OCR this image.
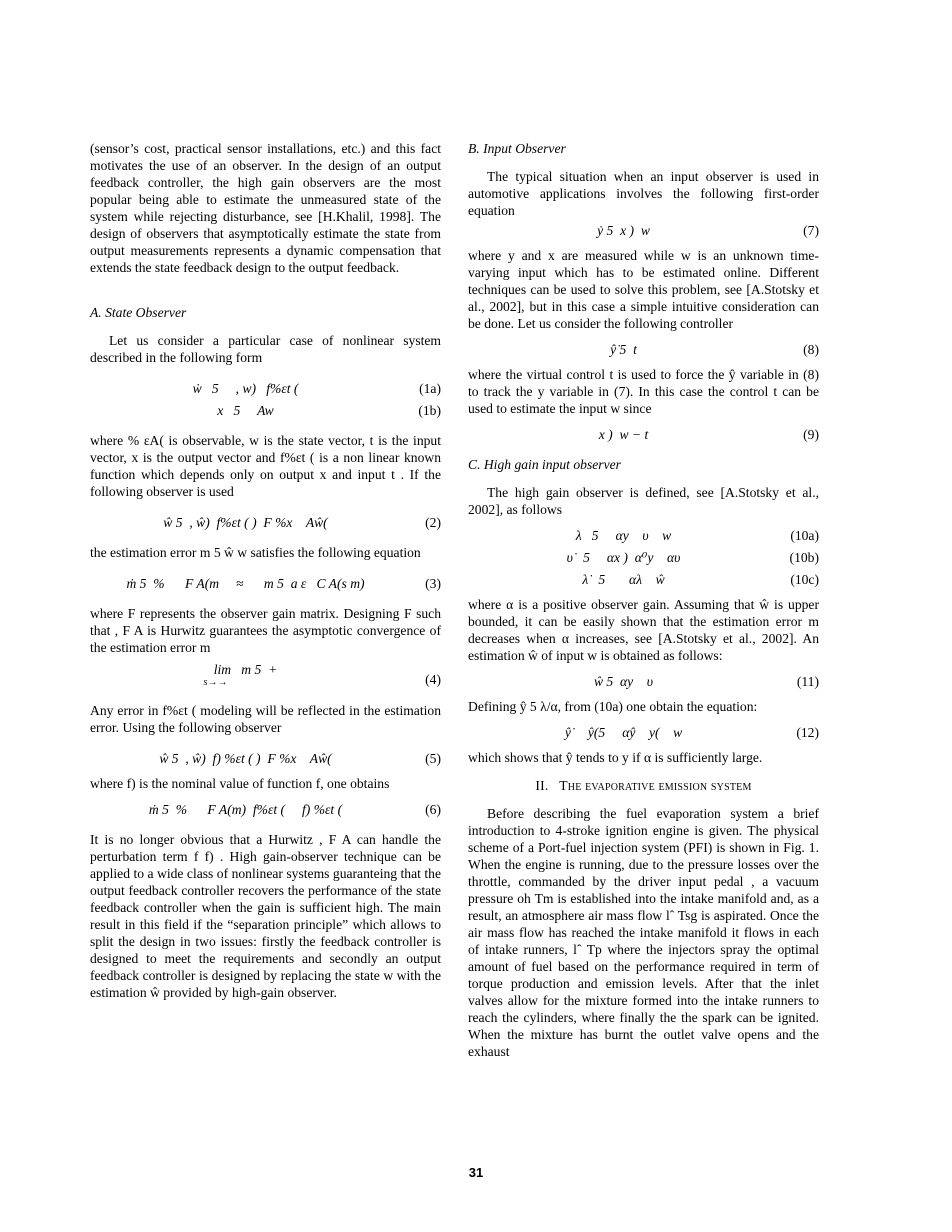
(sensor’s cost, practical sensor installations, etc.) and this fact motivates the use of an observer. In the design of an output feedback controller, the high gain observers are the most popular being able to estimate the unmeasured state of the system while rejecting disturbance, see [H.Khalil, 1998]. The design of observers that asymptotically estimate the state from output measurements represents a dynamic compensation that extends the state feedback design to the output feedback.

A. State Observer

Let us consider a particular case of nonlinear system described in the following form

ẇ   5     , w)   f%εt (	(1a)
x   5     Aw	(1b)

where % εA( is observable, w is the state vector, t is the input vector, x is the output vector and f%εt ( is a non linear known function which depends only on output x and input t . If the following observer is used

ŵ 5  , ŵ)  f%εt ( )  F %x    Aŵ(	(2)

the estimation error m 5 ŵ w satisfies the following equation

ṁ 5  %      F A(m     ≈      m 5  a ε   C A(s m)	(3)

where F represents the observer gain matrix. Designing F such that , F A is Hurwitz guarantees the asymptotic convergence of the estimation error m

lim   m 5  +
$^{s\to\to}$	(4)

Any error in f%εt ( modeling will be reflected in the estimation error. Using the following observer

ŵ 5  , ŵ)  f) %εt ( )  F %x    Aŵ(	(5)

where f) is the nominal value of function f, one obtains

ṁ 5  %      F A(m)  f%εt (     f) %εt (	(6)

It is no longer obvious that a Hurwitz , F A can handle the perturbation term f f) . High gain-observer technique can be applied to a wide class of nonlinear systems guaranteing that the output feedback controller recovers the performance of the state feedback controller when the gain is sufficient high. The main result in this field if the “separation principle” which allows to split the design in two issues: firstly the feedback controller is designed to meet the requirements and secondly an output feedback controller is designed by replacing the state w with the estimation ŵ provided by high-gain observer.

B. Input Observer

The typical situation when an input observer is used in automotive applications involves the following first-order equation

ẏ 5  x )  w	(7)

where y and x are measured while w is an unknown time-varying input which has to be estimated online. Different techniques can be used to solve this problem, see [A.Stotsky et al., 2002], but in this case a simple intuitive consideration can be done. Let us consider the following controller

ŷ̇ 5  t	(8)

where the virtual control t is used to force the ŷ variable in (8) to track the y variable in (7). In this case the control t can be used to estimate the input w since

x )  w − t	(9)

C. High gain input observer

The high gain observer is defined, see [A.Stotsky et al., 2002], as follows

λ   5     αy    υ    w	(10a)
υ̇   5     αx )  α⁰y    αυ	(10b)
λ̇   5       αλ    ŵ	(10c)

where α is a positive observer gain. Assuming that ŵ is upper bounded, it can be easily shown that the estimation error m decreases when α increases, see [A.Stotsky et al., 2002]. An estimation ŵ of input w is obtained as follows:

ŵ 5  αy    υ	(11)

Defining ŷ 5 λ/α, from (10a) one obtain the equation:

ŷ̇     ŷ(5     αŷ    y(    w	(12)

which shows that ŷ tends to y if α is sufficiently large.

II. The evaporative emission system

Before describing the fuel evaporation system a brief introduction to 4-stroke ignition engine is given. The physical scheme of a Port-fuel injection system (PFI) is shown in Fig. 1. When the engine is running, due to the pressure losses over the throttle, commanded by the driver input pedal , a vacuum pressure oh Tm is established into the intake manifold and, as a result, an atmosphere air mass flow lˆ Tsg is aspirated. Once the air mass flow has reached the intake manifold it flows in each of intake runners, lˆ Tp where the injectors spray the optimal amount of fuel based on the performance required in term of torque production and emission levels. After that the inlet valves allow for the mixture formed into the intake runners to reach the cylinders, where finally the the spark can be ignited. When the mixture has burnt the outlet valve opens and the exhaust

31
